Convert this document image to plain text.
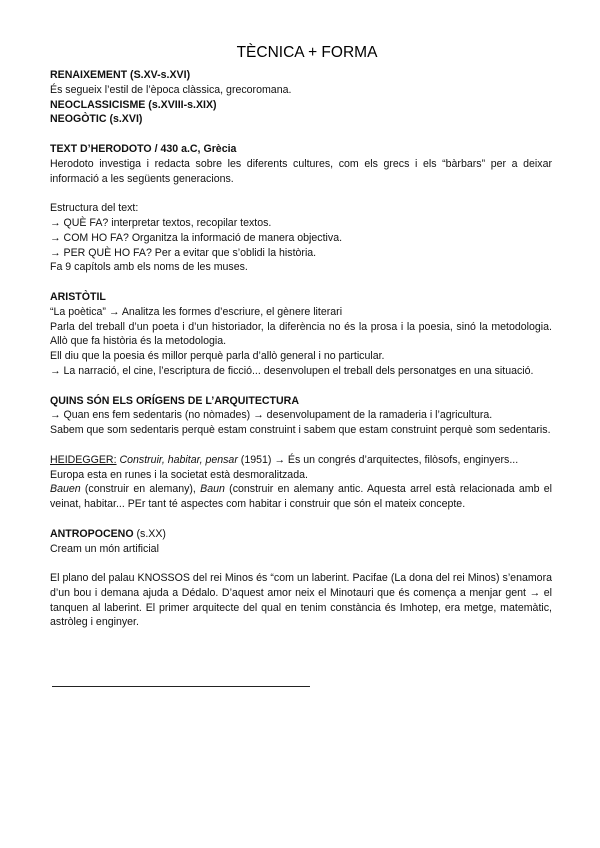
TÈCNICA + FORMA

RENAIXEMENT (S.XV-s.XVI)

És segueix l’estil de l’època clàssica, grecoromana.

NEOCLASSICISME (s.XVIII-s.XIX)

NEOGÒTIC (s.XVI)

TEXT D’HERODOTO / 430 a.C, Grècia

Herodoto investiga i redacta sobre les diferents cultures, com els grecs i els “bàrbars” per a deixar informació a les següents generacions.

Estructura del text:

→ QUÈ FA? interpretar textos, recopilar textos.

→ COM HO FA? Organitza la informació de manera objectiva.

→ PER QUÈ HO FA? Per a evitar que s’oblidi la història.

Fa 9 capítols amb els noms de les muses.

ARISTÒTIL

“La poètica” → Analitza les formes d’escriure, el gènere literari

Parla del treball d’un poeta i d’un historiador, la diferència no és la prosa i la poesia, sinó la metodologia. Allò que fa història és la metodologia.

Ell diu que la poesia és millor perquè parla d’allò general i no particular.

→ La narració, el cine, l’escriptura de ficció... desenvolupen el treball dels personatges en una situació.

QUINS SÓN ELS ORÍGENS DE L’ARQUITECTURA

→ Quan ens fem sedentaris (no nòmades) → desenvolupament de la ramaderia i l’agricultura.

Sabem que som sedentaris perquè estam construint i sabem que estam construint perquè som sedentaris.

HEIDEGGER: Construir, habitar, pensar (1951) → És un congrés d’arquitectes, filòsofs, enginyers...

Europa esta en runes i la societat està desmoralitzada.

Bauen (construir en alemany), Baun (construir en alemany antic. Aquesta arrel està relacionada amb el veinat, habitar... PEr tant té aspectes com habitar i construir que són el mateix concepte.

ANTROPOCENO (s.XX)

Cream un món artificial

El plano del palau KNOSSOS del rei Minos és “com un laberint. Pacifae (La dona del rei Minos) s’enamora d’un bou i demana ajuda a Dédalo. D’aquest amor neix el Minotauri que és comença a menjar gent → el tanquen al laberint. El primer arquitecte del qual en tenim constància és Imhotep, era metge, matemàtic, astròleg i enginyer.
